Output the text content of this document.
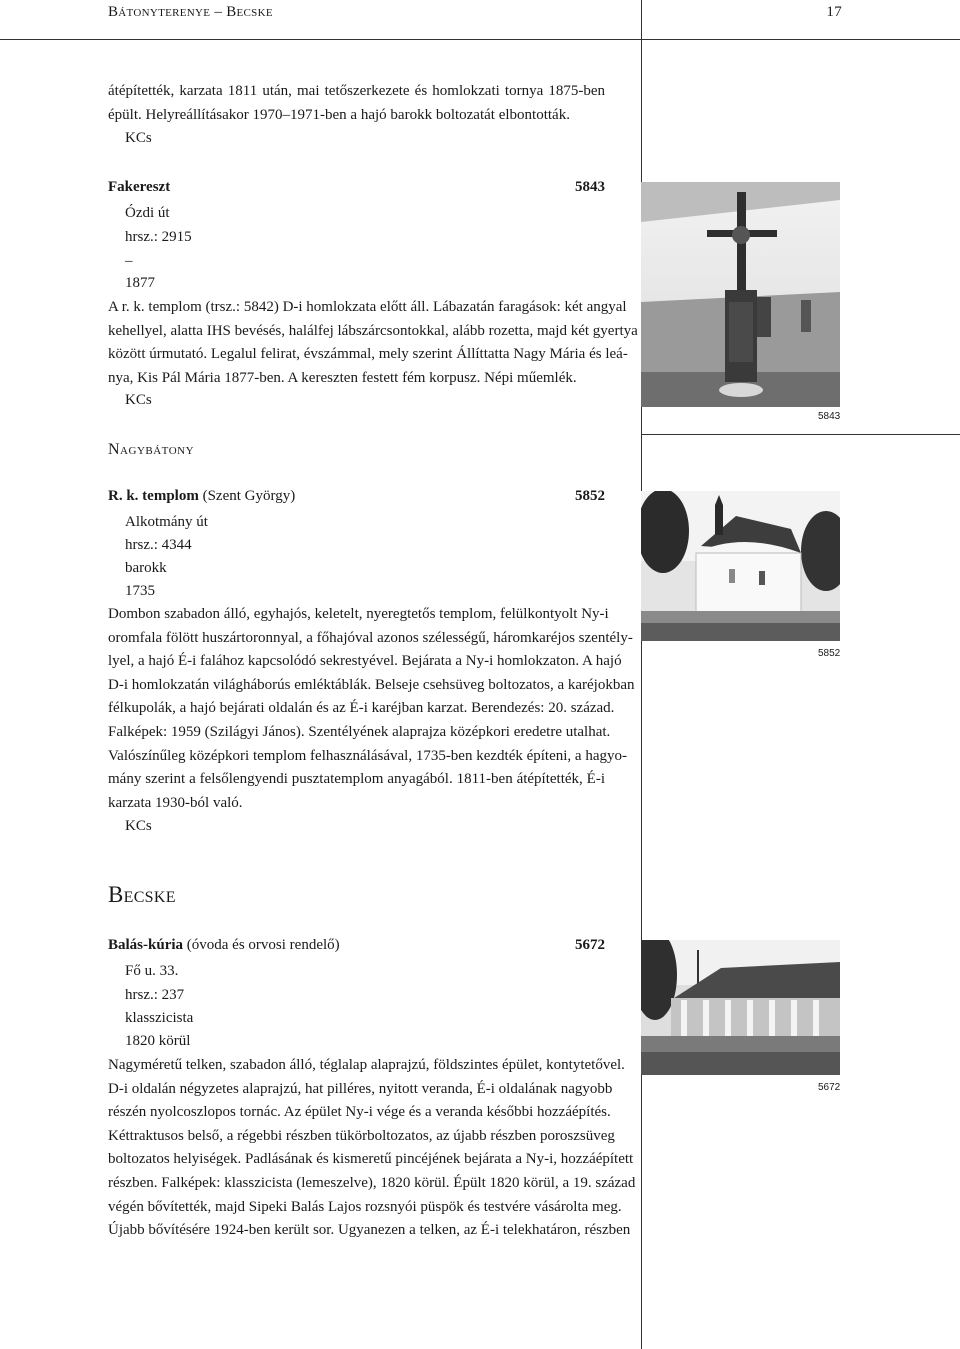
Bátonyterenye – Becske	17
átépítették, karzata 1811 után, mai tetőszerkezete és homlokzati tornya 1875-ben
épült. Helyreállításakor 1970–1971-ben a hajó barokk boltozatát elbontották.
KCs
Fakereszt	5843
Ózdi út
hrsz.: 2915
–
1877
A r. k. templom (trsz.: 5842) D-i homlokzata előtt áll. Lábazatán faragások: két angyal
kehellyel, alatta IHS bevésés, halálfej lábszárcsontokkal, alább rozetta, majd két gyertya
között úrmutató. Legalul felirat, évszámmal, mely szerint Állíttatta Nagy Mária és leá-
nya, Kis Pál Mária 1877-ben. A kereszten festett fém korpusz. Népi műemlék.
KCs
5843
Nagybátony
R. k. templom (Szent György)	5852
Alkotmány út
hrsz.: 4344
barokk
1735
Dombon szabadon álló, egyhajós, keletelt, nyeregtetős templom, felülkontyolt Ny-i
oromfala fölött huszártoronnyal, a főhajóval azonos szélességű, háromkaréjos szentély-
lyel, a hajó É-i falához kapcsolódó sekrestyével. Bejárata a Ny-i homlokzaton. A hajó
D-i homlokzatán világháborús emléktáblák. Belseje csehsüveg boltozatos, a karéjokban
félkupolák, a hajó bejárati oldalán és az É-i karéjban karzat. Berendezés: 20. század.
Falképek: 1959 (Szilágyi János). Szentélyének alaprajza középkori eredetre utalhat.
Valószínűleg középkori templom felhasználásával, 1735-ben kezdték építeni, a hagyo-
mány szerint a felsőlengyendi pusztatemplom anyagából. 1811-ben átépítették, É-i
karzata 1930-ból való.
KCs
5852
Becske
Balás-kúria (óvoda és orvosi rendelő)	5672
Fő u. 33.
hrsz.: 237
klasszicista
1820 körül
Nagyméretű telken, szabadon álló, téglalap alaprajzú, földszintes épület, kontytetővel.
D-i oldalán négyzetes alaprajzú, hat pilléres, nyitott veranda, É-i oldalának nagyobb
részén nyolcoszlopos tornác. Az épület Ny-i vége és a veranda későbbi hozzáépítés.
Kéttraktusos belső, a régebbi részben tükörboltozatos, az újabb részben poroszsüveg
boltozatos helyiségek. Padlásának és kismeretű pincéjének bejárata a Ny-i, hozzáépített
részben. Falképek: klasszicista (lemeszelve), 1820 körül. Épült 1820 körül, a 19. század
végén bővítették, majd Sipeki Balás Lajos rozsnyói püspök és testvére vásárolta meg.
Újabb bővítésére 1924-ben került sor. Ugyanezen a telken, az É-i telekhatáron, részben
5672
